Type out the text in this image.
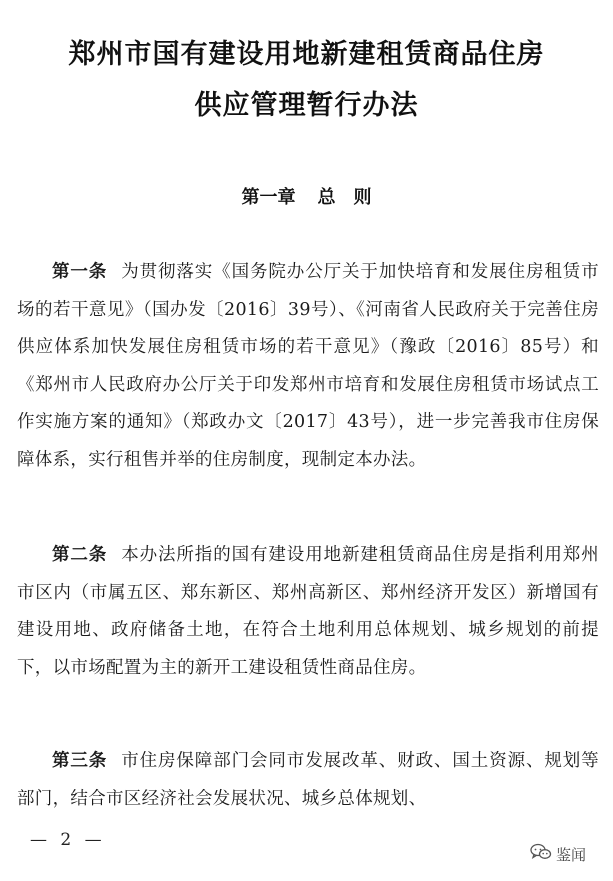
郑州市国有建设用地新建租赁商品住房
供应管理暂行办法
第一章 总　则
第一条 为贯彻落实《国务院办公厅关于加快培育和发展住房租赁市场的若干意见》（国办发〔2016〕39号）、《河南省人民政府关于完善住房供应体系加快发展住房租赁市场的若干意见》（豫政〔2016〕85号）和《郑州市人民政府办公厅关于印发郑州市培育和发展住房租赁市场试点工作实施方案的通知》（郑政办文〔2017〕43号），进一步完善我市住房保障体系，实行租售并举的住房制度，现制定本办法。
第二条 本办法所指的国有建设用地新建租赁商品住房是指利用郑州市区内（市属五区、郑东新区、郑州高新区、郑州经济开发区）新增国有建设用地、政府储备土地，在符合土地利用总体规划、城乡规划的前提下，以市场配置为主的新开工建设租赁性商品住房。
第三条 市住房保障部门会同市发展改革、财政、国土资源、规划等部门，结合市区经济社会发展状况、城乡总体规划、
— 2 —
鉴闻
